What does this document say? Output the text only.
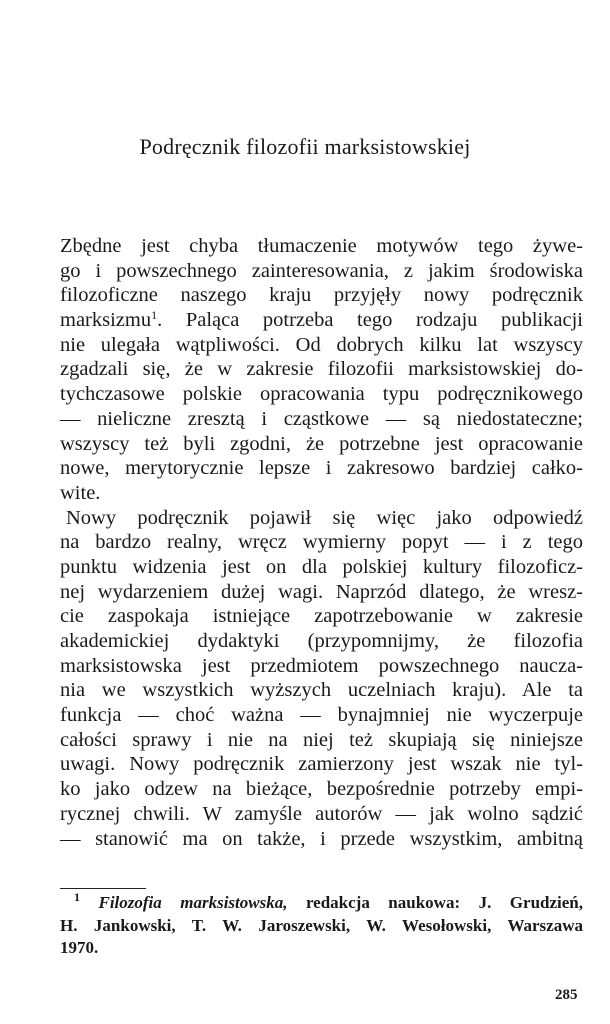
Podręcznik filozofii marksistowskiej
Zbędne jest chyba tłumaczenie motywów tego żywe-
go i powszechnego zainteresowania, z jakim środowiska
filozoficzne naszego kraju przyjęły nowy podręcznik
marksizmu$^1$. Paląca potrzeba tego rodzaju publikacji
nie ulegała wątpliwości. Od dobrych kilku lat wszyscy
zgadzali się, że w zakresie filozofii marksistowskiej do-
tychczasowe polskie opracowania typu podręcznikowego
— nieliczne zresztą i cząstkowe — są niedostateczne;
wszyscy też byli zgodni, że potrzebne jest opracowanie
nowe, merytorycznie lepsze i zakresowo bardziej całko-
wite.
Nowy podręcznik pojawił się więc jako odpowiedź
na bardzo realny, wręcz wymierny popyt — i z tego
punktu widzenia jest on dla polskiej kultury filozoficz-
nej wydarzeniem dużej wagi. Naprzód dlatego, że wresz-
cie zaspokaja istniejące zapotrzebowanie w zakresie
akademickiej dydaktyki (przypomnijmy, że filozofia
marksistowska jest przedmiotem powszechnego naucza-
nia we wszystkich wyższych uczelniach kraju). Ale ta
funkcja — choć ważna — bynajmniej nie wyczerpuje
całości sprawy i nie na niej też skupiają się niniejsze
uwagi. Nowy podręcznik zamierzony jest wszak nie tyl-
ko jako odzew na bieżące, bezpośrednie potrzeby empi-
rycznej chwili. W zamyśle autorów — jak wolno sądzić
— stanowić ma on także, i przede wszystkim, ambitną
$^1$ Filozofia marksistowska, redakcja naukowa: J. Grudzień,
H. Jankowski, T. W. Jaroszewski, W. Wesołowski, Warszawa
1970.
285
